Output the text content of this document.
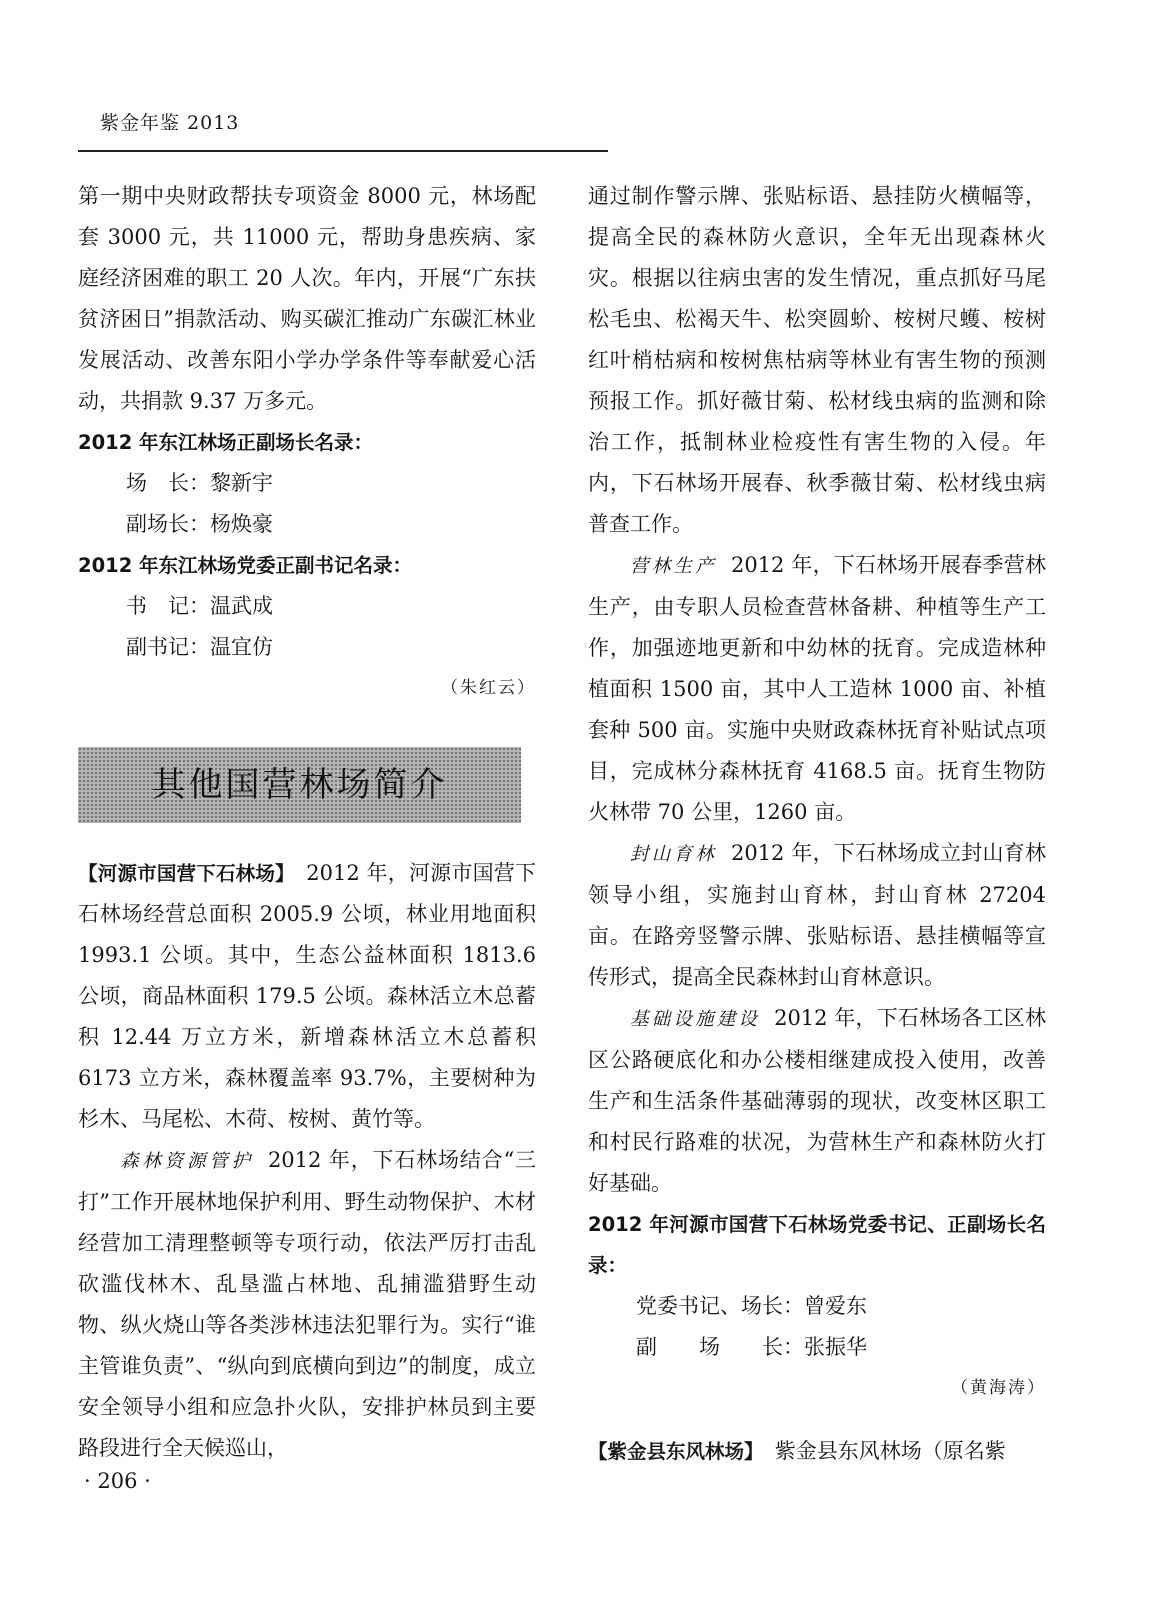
紫金年鉴 2013

第一期中央财政帮扶专项资金 8000 元，林场配套 3000 元，共 11000 元，帮助身患疾病、家庭经济困难的职工 20 人次。年内，开展“广东扶贫济困日”捐款活动、购买碳汇推动广东碳汇林业发展活动、改善东阳小学办学条件等奉献爱心活动，共捐款 9.37 万多元。

2012 年东江林场正副场长名录：

场　长：黎新宇

副场长：杨焕豪

2012 年东江林场党委正副书记名录：

书　记：温武成

副书记：温宜仿

（朱红云）

其他国营林场简介

【河源市国营下石林场】　 2012 年，河源市国营下石林场经营总面积 2005.9 公顷，林业用地面积 1993.1 公顷。其中，生态公益林面积 1813.6 公顷，商品林面积 179.5 公顷。森林活立木总蓄积 12.44 万立方米，新增森林活立木总蓄积 6173 立方米，森林覆盖率 93.7%，主要树种为杉木、马尾松、木荷、桉树、黄竹等。

森林资源管护 2012 年，下石林场结合“三打”工作开展林地保护利用、野生动物保护、木材经营加工清理整顿等专项行动，依法严厉打击乱砍滥伐林木、乱垦滥占林地、乱捕滥猎野生动物、纵火烧山等各类涉林违法犯罪行为。实行“谁主管谁负责”、“纵向到底横向到边”的制度，成立安全领导小组和应急扑火队，安排护林员到主要路段进行全天候巡山，

通过制作警示牌、张贴标语、悬挂防火横幅等，提高全民的森林防火意识，全年无出现森林火灾。根据以往病虫害的发生情况，重点抓好马尾松毛虫、松褐天牛、松突圆蚧、桉树尺蠖、桉树红叶梢枯病和桉树焦枯病等林业有害生物的预测预报工作。抓好薇甘菊、松材线虫病的监测和除治工作，抵制林业检疫性有害生物的入侵。年内，下石林场开展春、秋季薇甘菊、松材线虫病普查工作。

营林生产 2012 年，下石林场开展春季营林生产，由专职人员检查营林备耕、种植等生产工作，加强迹地更新和中幼林的抚育。完成造林种植面积 1500 亩，其中人工造林 1000 亩、补植套种 500 亩。实施中央财政森林抚育补贴试点项目，完成林分森林抚育 4168.5 亩。抚育生物防火林带 70 公里，1260 亩。

封山育林 2012 年，下石林场成立封山育林领导小组，实施封山育林，封山育林 27204 亩。在路旁竖警示牌、张贴标语、悬挂横幅等宣传形式，提高全民森林封山育林意识。

基础设施建设 2012 年，下石林场各工区林区公路硬底化和办公楼相继建成投入使用，改善生产和生活条件基础薄弱的现状，改变林区职工和村民行路难的状况，为营林生产和森林防火打好基础。

2012 年河源市国营下石林场党委书记、正副场长名录：

党委书记、场长：曾爱东

副　　场　　长：张振华

（黄海涛）

【紫金县东风林场】　 紫金县东风林场（原名紫

· 206 ·
